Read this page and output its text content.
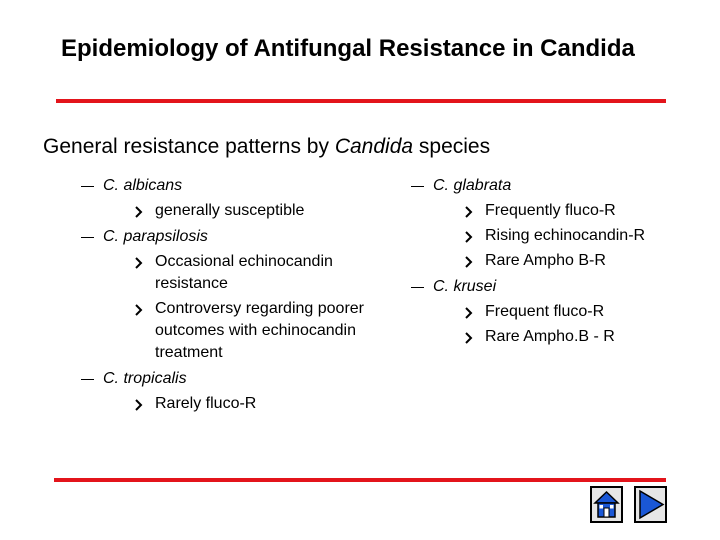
Epidemiology of Antifungal Resistance in Candida
General resistance patterns by Candida species
C. albicans
generally susceptible
C. parapsilosis
Occasional echinocandin resistance
Controversy regarding poorer outcomes with echinocandin treatment
C. tropicalis
Rarely fluco-R
C. glabrata
Frequently fluco-R
Rising echinocandin-R
Rare Ampho B-R
C. krusei
Frequent fluco-R
Rare Ampho.B - R
